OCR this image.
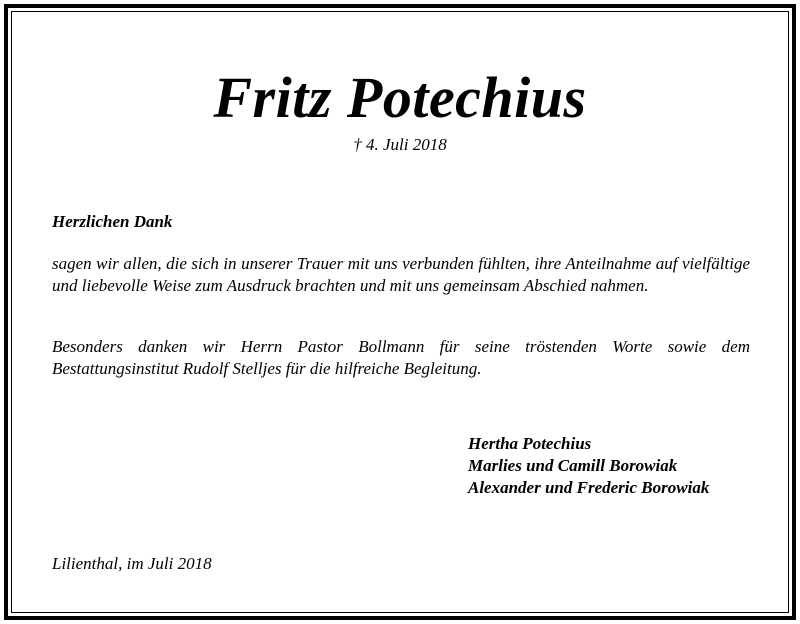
Fritz Potechius
† 4. Juli 2018
Herzlichen Dank

sagen wir allen, die sich in unserer Trauer mit uns verbunden fühlten, ihre Anteilnahme auf vielfältige und liebevolle Weise zum Ausdruck brachten und mit uns gemeinsam Abschied nahmen.

Besonders danken wir Herrn Pastor Bollmann für seine tröstenden Worte sowie dem Bestattungsinstitut Rudolf Stelljes für die hilfreiche Begleitung.

Hertha Potechius
Marlies und Camill Borowiak
Alexander und Frederic Borowiak
Lilienthal, im Juli 2018
